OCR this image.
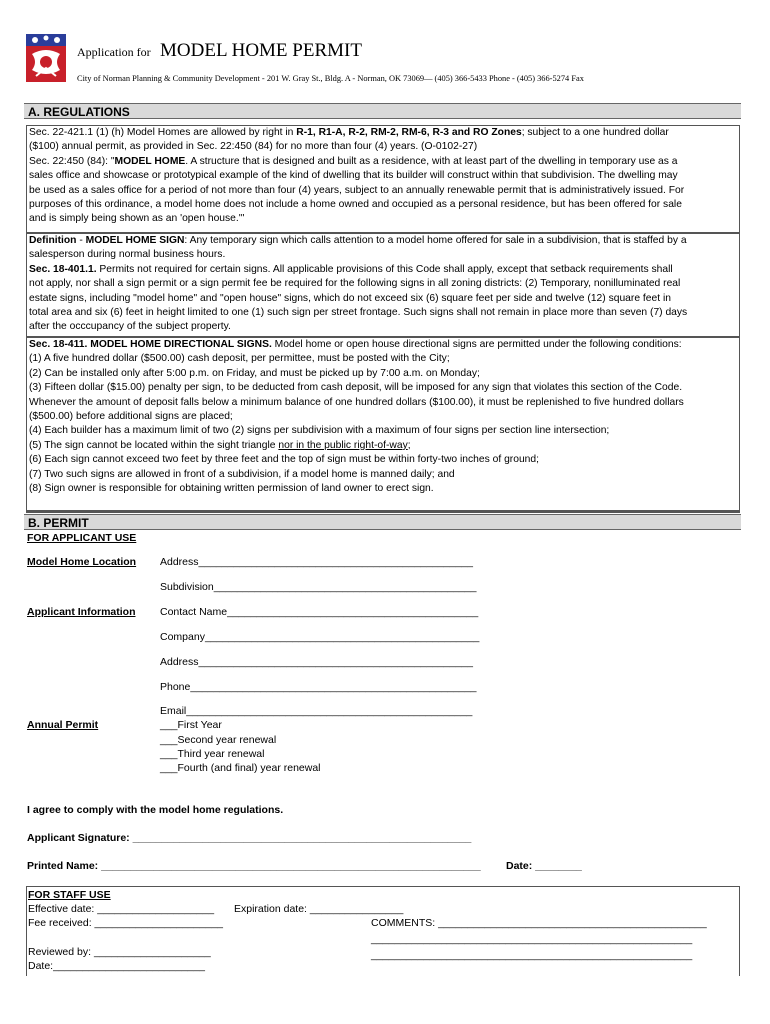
Application for MODEL HOME PERMIT
City of Norman Planning & Community Development - 201 W. Gray St., Bldg. A - Norman, OK 73069— (405) 366-5433 Phone - (405) 366-5274 Fax
A. REGULATIONS

Sec. 22-421.1 (1) (h) Model Homes are allowed by right in R-1, R1-A, R-2, RM-2, RM-6, R-3 and RO Zones; subject to a one hundred dollar

($100) annual permit, as provided in Sec. 22:450 (84) for no more than four (4) years. (O-0102-27)

Sec. 22:450 (84): "MODEL HOME. A structure that is designed and built as a residence, with at least part of the dwelling in temporary use as a

sales office and showcase or prototypical example of the kind of dwelling that its builder will construct within that subdivision. The dwelling may

be used as a sales office for a period of not more than four (4) years, subject to an annually renewable permit that is administratively issued. For

purposes of this ordinance, a model home does not include a home owned and occupied as a personal residence, but has been offered for sale

and is simply being shown as an 'open house.'"

Definition - MODEL HOME SIGN: Any temporary sign which calls attention to a model home offered for sale in a subdivision, that is staffed by a

salesperson during normal business hours.

Sec. 18-401.1. Permits not required for certain signs. All applicable provisions of this Code shall apply, except that setback requirements shall

not apply, nor shall a sign permit or a sign permit fee be required for the following signs in all zoning districts: (2) Temporary, nonilluminated real

estate signs, including "model home" and "open house" signs, which do not exceed six (6) square feet per side and twelve (12) square feet in

total area and six (6) feet in height limited to one (1) such sign per street frontage. Such signs shall not remain in place more than seven (7) days

after the occcupancy of the subject property.

Sec. 18-411. MODEL HOME DIRECTIONAL SIGNS. Model home or open house directional signs are permitted under the following conditions:

(1) A five hundred dollar ($500.00) cash deposit, per permittee, must be posted with the City;

(2) Can be installed only after 5:00 p.m. on Friday, and must be picked up by 7:00 a.m. on Monday;

(3) Fifteen dollar ($15.00) penalty per sign, to be deducted from cash deposit, will be imposed for any sign that violates this section of the Code.

Whenever the amount of deposit falls below a minimum balance of one hundred dollars ($100.00), it must be replenished to five hundred dollars

($500.00) before additional signs are placed;

(4) Each builder has a maximum limit of two (2) signs per subdivision with a maximum of four signs per section line intersection;

(5) The sign cannot be located within the sight triangle nor in the public right-of-way;

(6) Each sign cannot exceed two feet by three feet and the top of sign must be within forty-two inches of ground;

(7) Two such signs are allowed in front of a subdivision, if a model home is manned daily; and

(8) Sign owner is responsible for obtaining written permission of land owner to erect sign.

B. PERMIT
FOR APPLICANT USE
Model Home Location Address_______________________________________________
Subdivision_____________________________________________
Applicant Information Contact Name___________________________________________
Company_______________________________________________
Address_______________________________________________
Phone_________________________________________________
Email_________________________________________________
Annual Permit	___First Year
___Second year renewal
___Third year renewal
___Fourth (and final) year renewal
I agree to comply with the model home regulations.
Applicant Signature: __________________________________________________________
Printed Name: _________________________________________________________________ Date: ________
FOR STAFF USE
Effective date: ____________________ Expiration date: ________________
Fee received: ______________________	COMMENTS: ______________________________________________
_______________________________________________________
_______________________________________________________
Reviewed by: ____________________
Date:__________________________
